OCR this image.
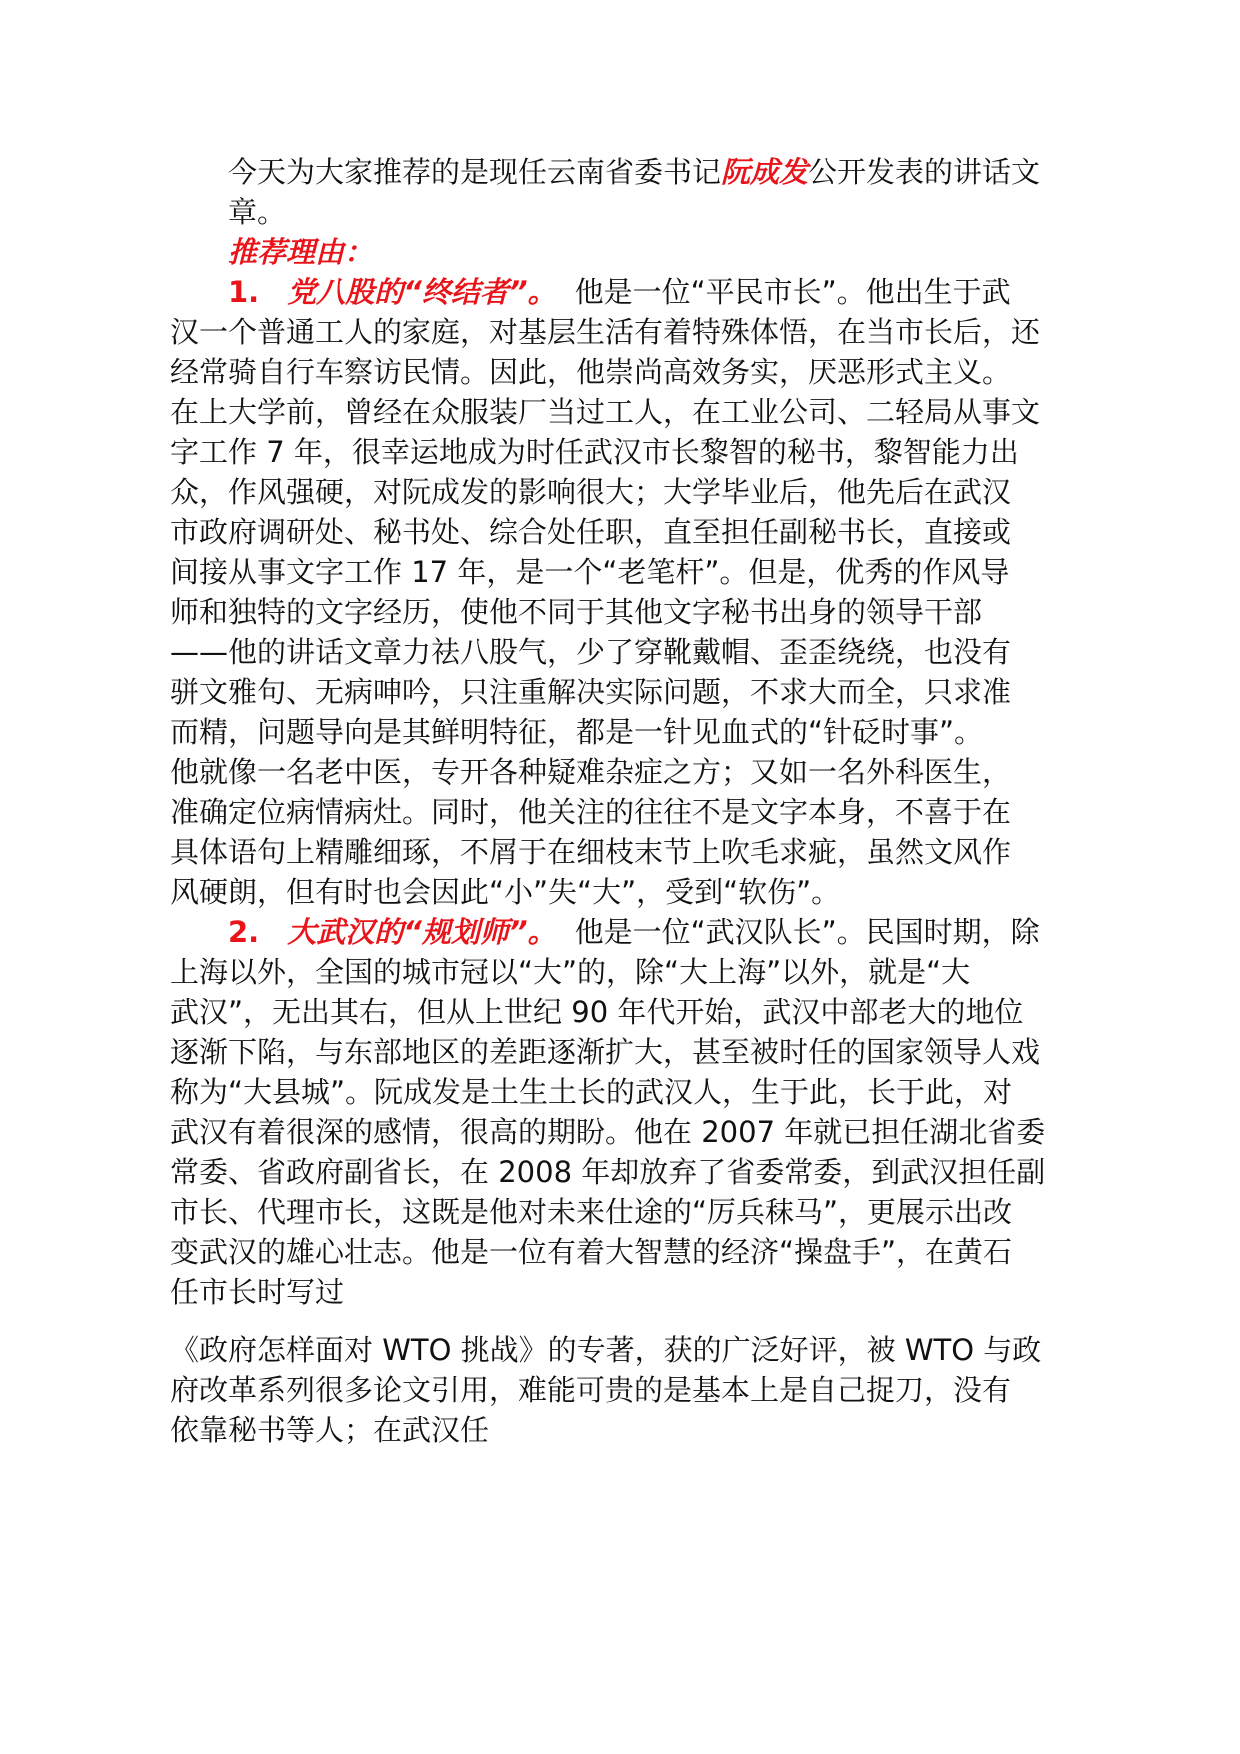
今天为大家推荐的是现任云南省委书记阮成发公开发表的讲话文
章。
推荐理由：
1. 党八股的“终结者”。 他是一位“平民市长”。他出生于武
汉一个普通工人的家庭，对基层生活有着特殊体悟，在当市长后，还
经常骑自行车察访民情。因此，他崇尚高效务实，厌恶形式主义。
在上大学前，曾经在众服装厂当过工人，在工业公司、二轻局从事文
字工作 7 年，很幸运地成为时任武汉市长黎智的秘书，黎智能力出
众，作风强硬，对阮成发的影响很大；大学毕业后，他先后在武汉
市政府调研处、秘书处、综合处任职，直至担任副秘书长，直接或
间接从事文字工作 17 年，是一个“老笔杆”。但是，优秀的作风导
师和独特的文字经历，使他不同于其他文字秘书出身的领导干部
——他的讲话文章力祛八股气，少了穿靴戴帽、歪歪绕绕，也没有
骈文雅句、无病呻吟，只注重解决实际问题，不求大而全，只求准
而精，问题导向是其鲜明特征，都是一针见血式的“针砭时事”。
他就像一名老中医，专开各种疑难杂症之方；又如一名外科医生，
准确定位病情病灶。同时，他关注的往往不是文字本身，不喜于在
具体语句上精雕细琢，不屑于在细枝末节上吹毛求疵，虽然文风作
风硬朗，但有时也会因此“小”失“大”，受到“软伤”。
2. 大武汉的“规划师”。 他是一位“武汉队长”。民国时期，除
上海以外，全国的城市冠以“大”的，除“大上海”以外，就是“大
武汉”，无出其右，但从上世纪 90 年代开始，武汉中部老大的地位
逐渐下陷，与东部地区的差距逐渐扩大，甚至被时任的国家领导人戏
称为“大县城”。阮成发是土生土长的武汉人，生于此，长于此，对
武汉有着很深的感情，很高的期盼。他在 2007 年就已担任湖北省委
常委、省政府副省长，在 2008 年却放弃了省委常委，到武汉担任副
市长、代理市长，这既是他对未来仕途的“厉兵秣马”，更展示出改
变武汉的雄心壮志。他是一位有着大智慧的经济“操盘手”，在黄石
任市长时写过
《政府怎样面对 WTO 挑战》的专著，获的广泛好评，被 WTO 与政
府改革系列很多论文引用，难能可贵的是基本上是自己捉刀，没有
依靠秘书等人；在武汉任
